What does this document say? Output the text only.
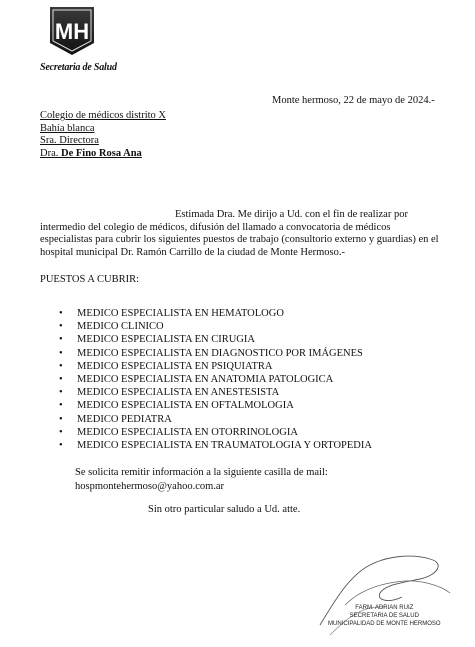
MH
Secretaria de Salud
Monte hermoso, 22 de mayo de 2024.-
Colegio de médicos distrito X
Bahía blanca
Sra. Directora
Dra. De Fino Rosa Ana
Estimada Dra. Me dirijo a Ud. con el fin de realizar por
intermedio del colegio de médicos, difusión del llamado a convocatoria de médicos especialistas para cubrir los siguientes puestos de trabajo (consultorio externo y guardias) en el hospital municipal Dr. Ramón Carrillo de la ciudad de Monte Hermoso.-
PUESTOS A CUBRIR:
• MEDICO ESPECIALISTA EN HEMATOLOGO
• MEDICO CLINICO
• MEDICO ESPECIALISTA EN CIRUGIA
• MEDICO ESPECIALISTA EN DIAGNOSTICO POR IMÁGENES
• MEDICO ESPECIALISTA EN PSIQUIATRA
• MEDICO ESPECIALISTA EN ANATOMIA PATOLOGICA
• MEDICO ESPECIALISTA EN ANESTESISTA
• MEDICO ESPECIALISTA EN OFTALMOLOGIA
• MEDICO PEDIATRA
• MEDICO ESPECIALISTA EN OTORRINOLOGIA
• MEDICO ESPECIALISTA EN TRAUMATOLOGIA Y ORTOPEDIA
Se solicita remitir información a la siguiente casilla de mail:
hospmontehermoso@yahoo.com.ar
Sin otro particular saludo a Ud. atte.
FARM. ADRIAN RUIZ
SECRETARIA DE SALUD
MUNICIPALIDAD DE MONTE HERMOSO
